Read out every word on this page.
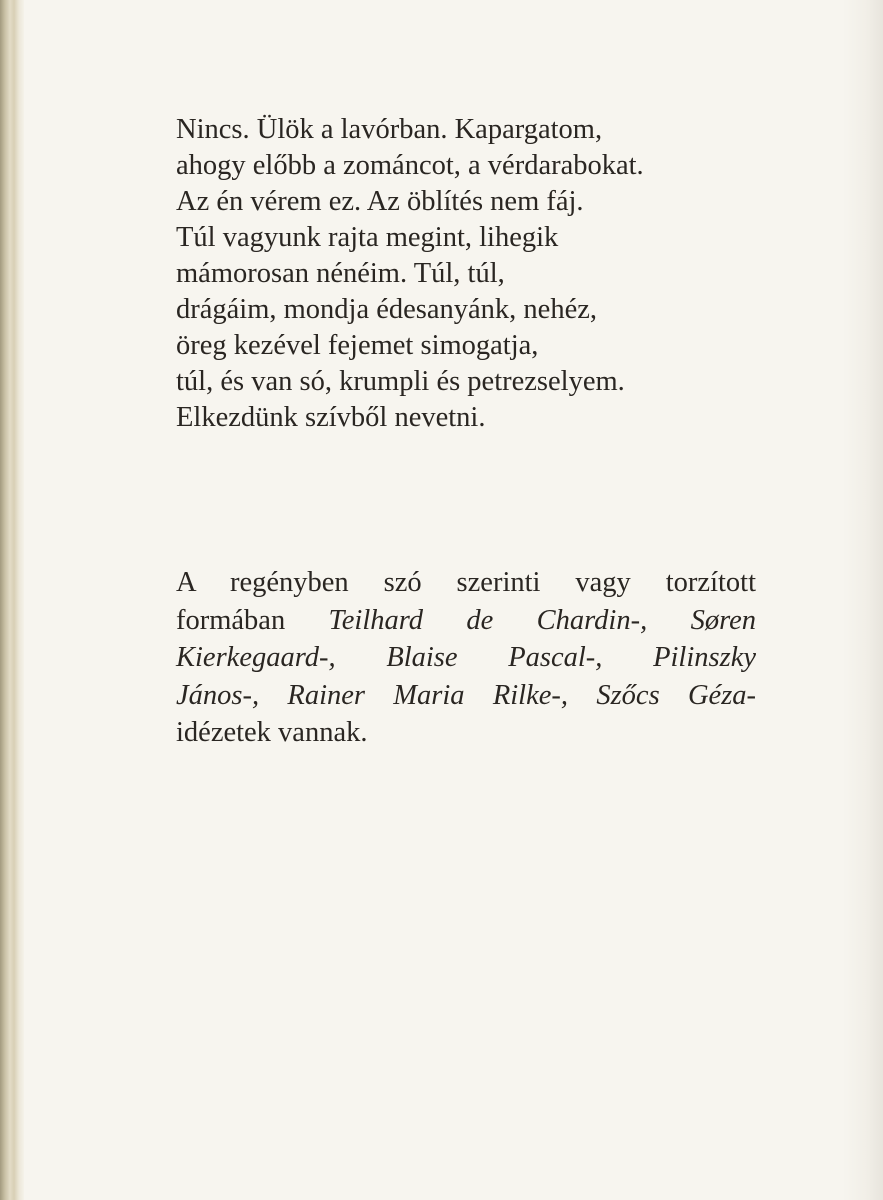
Nincs. Ülök a lavórban. Kapargatom,
ahogy előbb a zománcot, a vérdarabokat.
Az én vérem ez. Az öblítés nem fáj.
Túl vagyunk rajta megint, lihegik
mámorosan nénéim. Túl, túl,
drágáim, mondja édesanyánk, nehéz,
öreg kezével fejemet simogatja,
túl, és van só, krumpli és petrezselyem.
Elkezdünk szívből nevetni.
A regényben szó szerinti vagy torzított
formában Teilhard de Chardin-, Søren
Kierkegaard-, Blaise Pascal-, Pilinszky
János-, Rainer Maria Rilke-, Szőcs Géza-
idézetek vannak.
